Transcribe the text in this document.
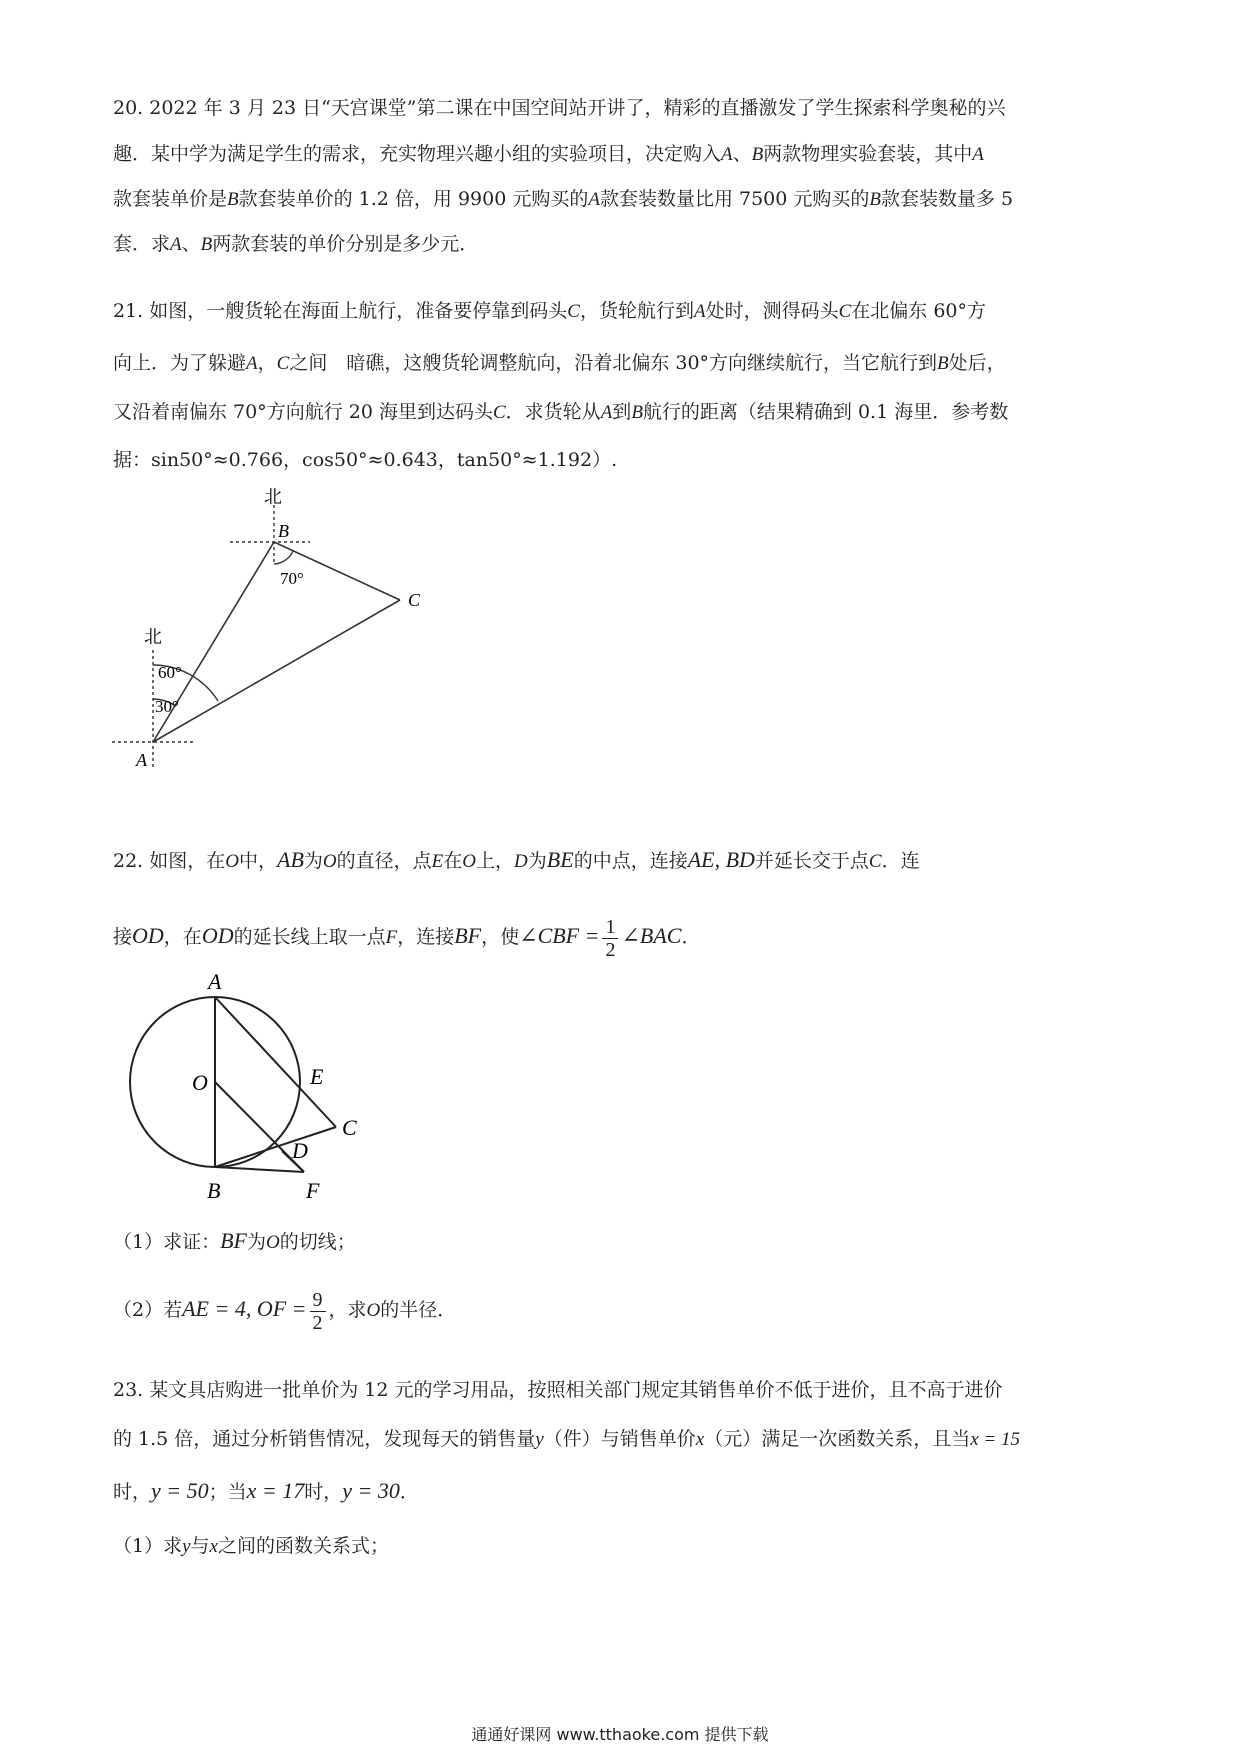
20. 2022 年 3 月 23 日“天宫课堂”第二课在中国空间站开讲了，精彩的直播激发了学生探索科学奥秘的兴
趣．某中学为满足学生的需求，充实物理兴趣小组的实验项目，决定购入A、B两款物理实验套装，其中A
款套装单价是B款套装单价的 1.2 倍，用 9900 元购买的A款套装数量比用 7500 元购买的B款套装数量多 5
套．求A、B两款套装的单价分别是多少元．
21. 如图，一艘货轮在海面上航行，准备要停靠到码头C，货轮航行到A处时，测得码头C在北偏东 60°方
向上．为了躲避A，C之间　暗礁，这艘货轮调整航向，沿着北偏东 30°方向继续航行，当它航行到B处后，
又沿着南偏东 70°方向航行 20 海里到达码头C．求货轮从A到B航行的距离（结果精确到 0.1 海里．参考数
据：sin50°≈0.766，cos50°≈0.643，tan50°≈1.192）.
北
B
70°
C
北
60°
30°
A
22. 如图，在O中，AB为O的直径，点E在O上，D为BE的中点，连接AE, BD并延长交于点C．连
接OD，在OD的延长线上取一点F，连接BF，使∠CBF = $\frac{1}{2}$ ∠BAC．
A
O	E
C
D
B	F
（1）求证：BF为O的切线；
（2）若AE = 4, OF = $\frac{9}{2}$ ，求O的半径．
23. 某文具店购进一批单价为 12 元的学习用品，按照相关部门规定其销售单价不低于进价，且不高于进价
的 1.5 倍，通过分析销售情况，发现每天的销售量y（件）与销售单价x（元）满足一次函数关系，且当x = 15
时，y = 50；当x = 17时，y = 30．
（1）求y与x之间的函数关系式；
通通好课网 www.tthaoke.com 提供下载
